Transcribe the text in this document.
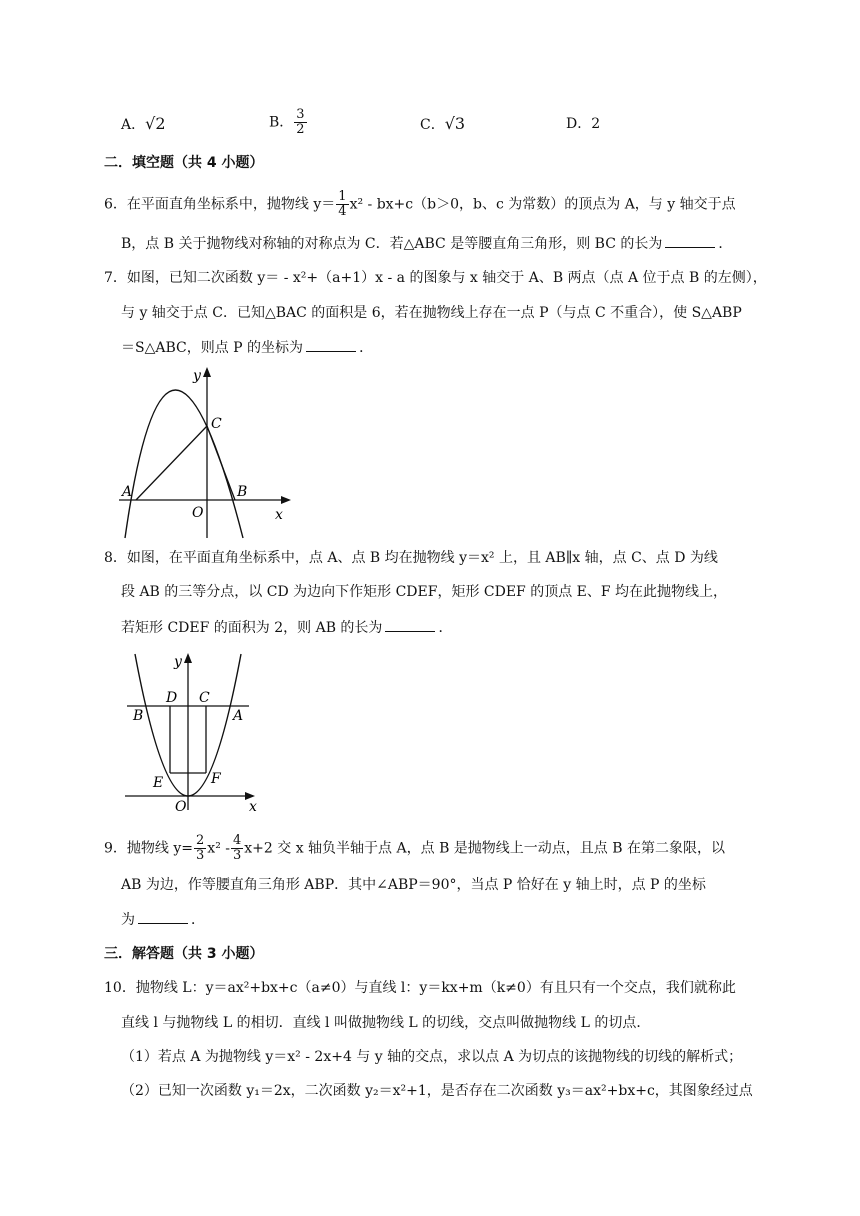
A．√2	B． $\frac{3}{2}$	C．√3	D．2
二．填空题（共 4 小题）
6．在平面直角坐标系中，抛物线 $y= \frac{1}{4} x^2 - bx+c(b>0$，b、c 为常数）的顶点为 A，与 y 轴交于点
B，点 B 关于抛物线对称轴的对称点为 C．若△ABC 是等腰直角三角形，则 BC 的长为	．
7．如图，已知二次函数 y＝ - x²+（a+1）x - a 的图象与 x 轴交于 A、B 两点（点 A 位于点 B 的左侧），
与 y 轴交于点 C．已知△BAC 的面积是 6，若在抛物线上存在一点 P（与点 C 不重合），使 S△ABP
＝S△ABC，则点 P 的坐标为	．
y
C
A	B
O	x
8．如图，在平面直角坐标系中，点 A、点 B 均在抛物线 y＝x² 上，且 AB∥x 轴，点 C、点 D 为线
段 AB 的三等分点，以 CD 为边向下作矩形 CDEF，矩形 CDEF 的顶点 E、F 均在此抛物线上，
若矩形 CDEF 的面积为 2，则 AB 的长为	．
y
D C
B	A
E	F
O	x
9．抛物线 $y= \frac{2}{3} x^2 - \frac{4}{3} x+2$ 交 x 轴负半轴于点 A，点 B 是抛物线上一动点，且点 B 在第二象限，以
AB 为边，作等腰直角三角形 ABP．其中∠ABP＝90°，当点 P 恰好在 y 轴上时，点 P 的坐标
为	．
三．解答题（共 3 小题）
10．抛物线 L：y＝ax²+bx+c（a≠0）与直线 l：y＝kx+m（k≠0）有且只有一个交点，我们就称此
直线 l 与抛物线 L 的相切．直线 l 叫做抛物线 L 的切线，交点叫做抛物线 L 的切点．
（1）若点 A 为抛物线 y＝x² - 2x+4 与 y 轴的交点，求以点 A 为切点的该抛物线的切线的解析式；
（2）已知一次函数 y₁＝2x，二次函数 y₂＝x²+1，是否存在二次函数 y₃＝ax²+bx+c，其图象经过点
